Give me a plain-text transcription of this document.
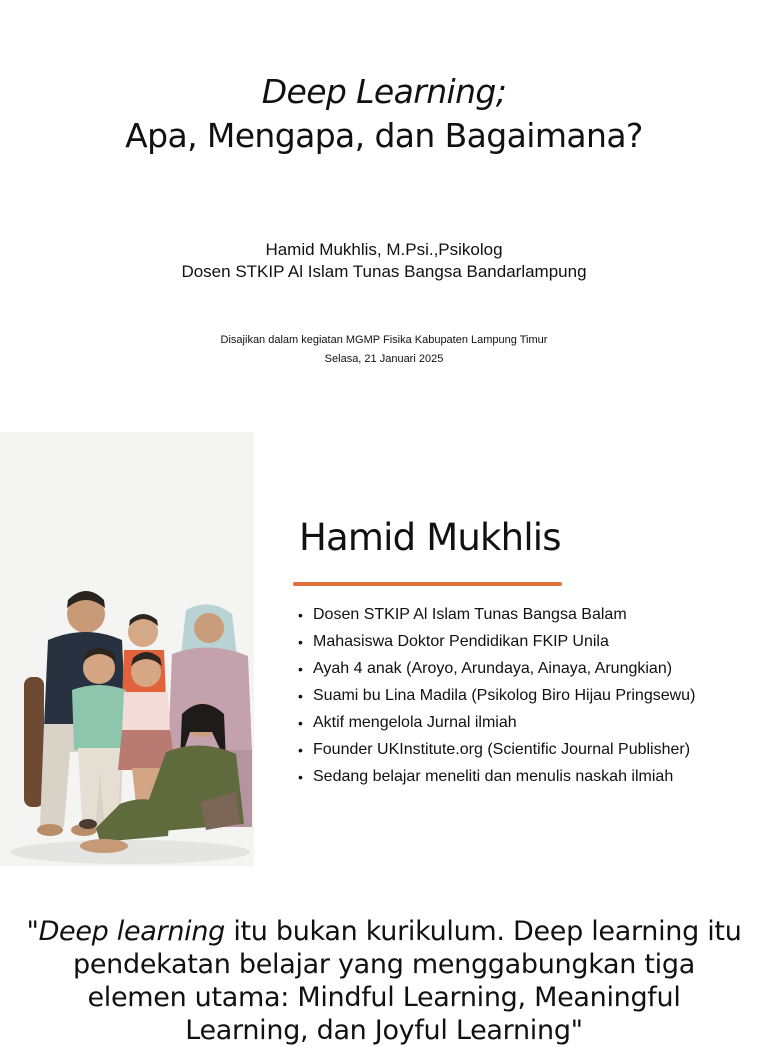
Deep Learning;
Apa, Mengapa, dan Bagaimana?
Hamid Mukhlis, M.Psi.,Psikolog
Dosen STKIP Al Islam Tunas Bangsa Bandarlampung
Disajikan dalam kegiatan MGMP Fisika Kabupaten Lampung Timur
Selasa, 21 Januari 2025
Hamid Mukhlis
• Dosen STKIP Al Islam Tunas Bangsa Balam
• Mahasiswa Doktor Pendidikan FKIP Unila
• Ayah 4 anak (Aroyo, Arundaya, Ainaya, Arungkian)
• Suami bu Lina Madila (Psikolog Biro Hijau Pringsewu)
• Aktif mengelola Jurnal ilmiah
• Founder UKInstitute.org (Scientific Journal Publisher)
• Sedang belajar meneliti dan menulis naskah ilmiah
"Deep learning itu bukan kurikulum. Deep learning itu pendekatan belajar yang menggabungkan tiga elemen utama: Mindful Learning, Meaningful Learning, dan Joyful Learning"
